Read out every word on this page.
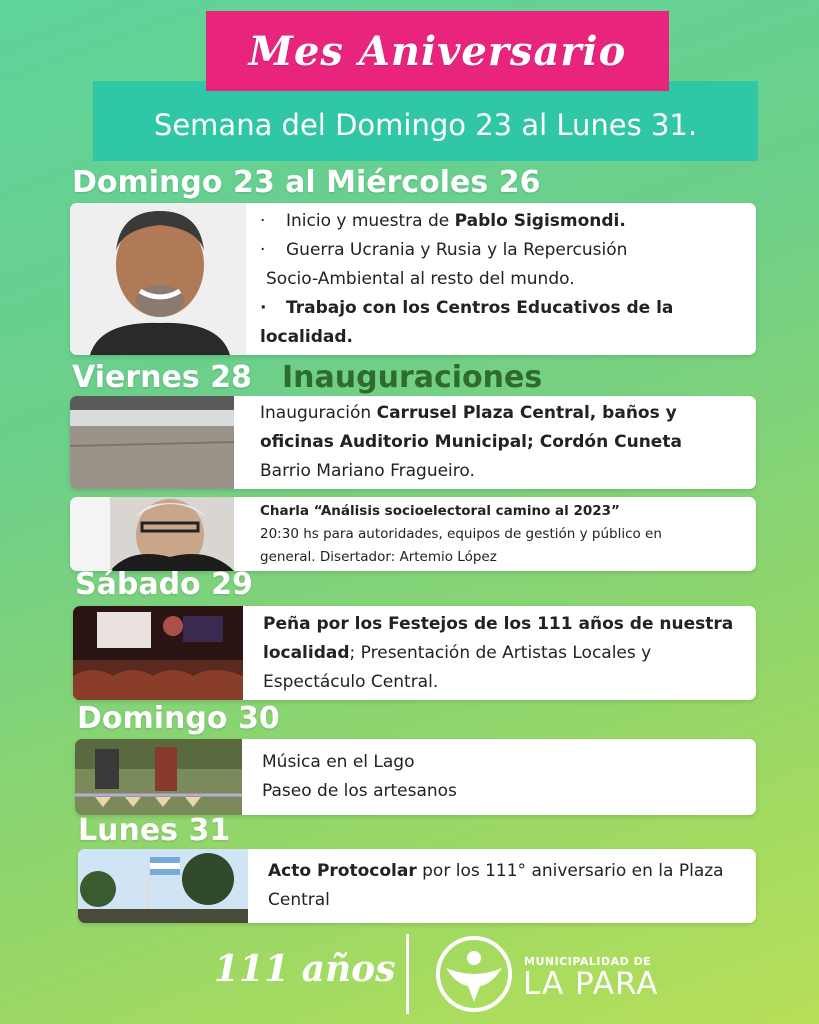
Semana del Domingo 23 al Lunes 31.
Mes Aniversario
Domingo 23 al Miércoles 26
· Inicio y muestra de Pablo Sigismondi.
· Guerra Ucrania y Rusia y la Repercusión
Socio-Ambiental al resto del mundo.
· Trabajo con los Centros Educativos de la
localidad.
Viernes 28 Inauguraciones
Inauguración Carrusel Plaza Central, baños y
oficinas Auditorio Municipal; Cordón Cuneta
Barrio Mariano Fragueiro.
Charla “Análisis socioelectoral camino al 2023”
20:30 hs para autoridades, equipos de gestión y público en
general. Disertador: Artemio López
Sábado 29
Peña por los Festejos de los 111 años de nuestra
localidad; Presentación de Artistas Locales y
Espectáculo Central.
Domingo 30
Música en el Lago
Paseo de los artesanos
Lunes 31
Acto Protocolar por los 111° aniversario en la Plaza
Central
111 años	MUNICIPALIDAD DE
LA PARA
